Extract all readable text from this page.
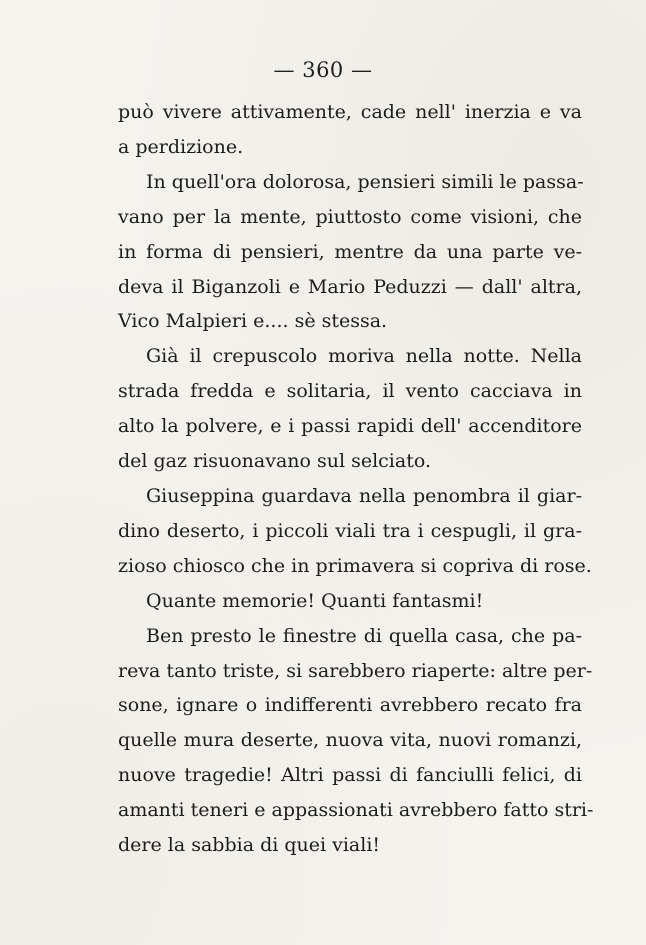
— 360 —
può vivere attivamente, cade nell' inerzia e va
a perdizione.
In quell'ora dolorosa, pensieri simili le passa-
vano per la mente, piuttosto come visioni, che
in forma di pensieri, mentre da una parte ve-
deva il Biganzoli e Mario Peduzzi — dall' altra,
Vico Malpieri e.... sè stessa.
Già il crepuscolo moriva nella notte. Nella
strada fredda e solitaria, il vento cacciava in
alto la polvere, e i passi rapidi dell' accenditore
del gaz risuonavano sul selciato.
Giuseppina guardava nella penombra il giar-
dino deserto, i piccoli viali tra i cespugli, il gra-
zioso chiosco che in primavera si copriva di rose.
Quante memorie! Quanti fantasmi!
Ben presto le finestre di quella casa, che pa-
reva tanto triste, si sarebbero riaperte: altre per-
sone, ignare o indifferenti avrebbero recato fra
quelle mura deserte, nuova vita, nuovi romanzi,
nuove tragedie! Altri passi di fanciulli felici, di
amanti teneri e appassionati avrebbero fatto stri-
dere la sabbia di quei viali!
